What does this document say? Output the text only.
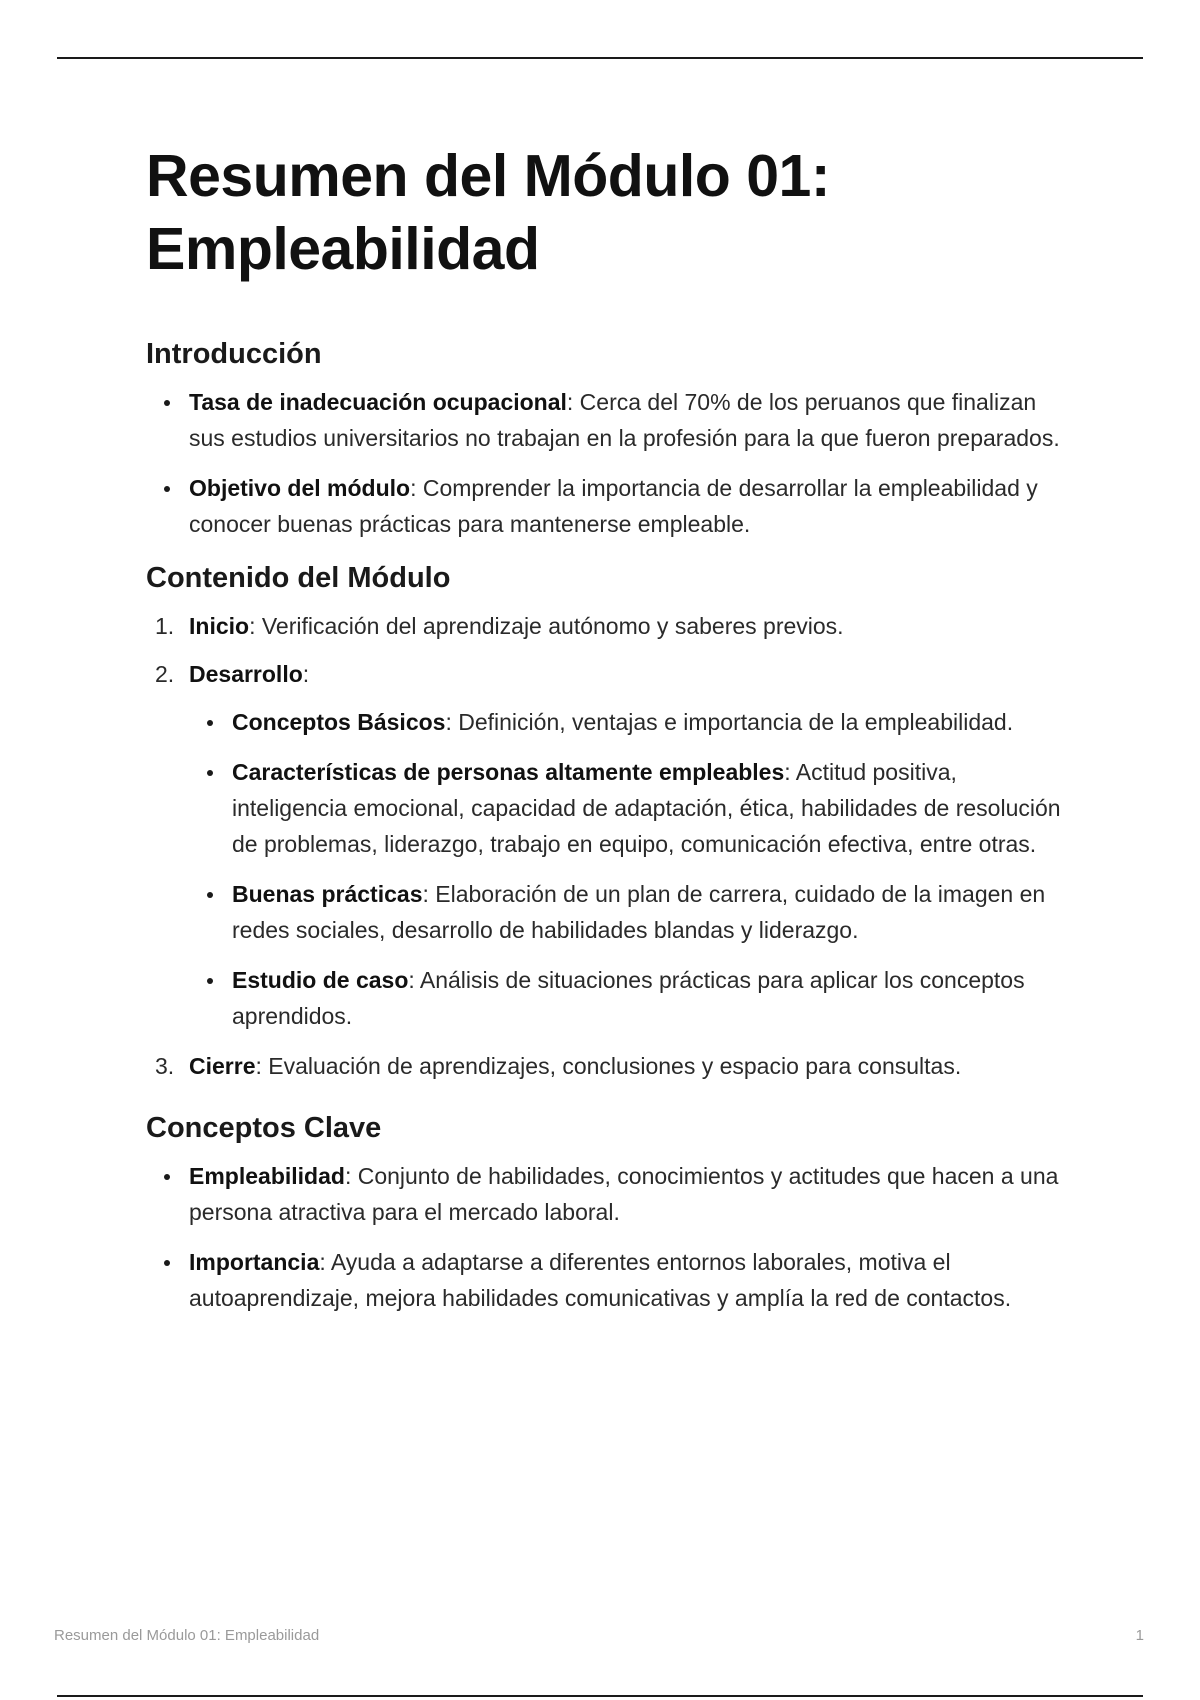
Resumen del Módulo 01:
Empleabilidad
Introducción
Tasa de inadecuación ocupacional: Cerca del 70% de los peruanos que finalizan sus estudios universitarios no trabajan en la profesión para la que fueron preparados.
Objetivo del módulo: Comprender la importancia de desarrollar la empleabilidad y conocer buenas prácticas para mantenerse empleable.
Contenido del Módulo
1. Inicio: Verificación del aprendizaje autónomo y saberes previos.
2. Desarrollo:
Conceptos Básicos: Definición, ventajas e importancia de la empleabilidad.
Características de personas altamente empleables: Actitud positiva, inteligencia emocional, capacidad de adaptación, ética, habilidades de resolución de problemas, liderazgo, trabajo en equipo, comunicación efectiva, entre otras.
Buenas prácticas: Elaboración de un plan de carrera, cuidado de la imagen en redes sociales, desarrollo de habilidades blandas y liderazgo.
Estudio de caso: Análisis de situaciones prácticas para aplicar los conceptos aprendidos.
3. Cierre: Evaluación de aprendizajes, conclusiones y espacio para consultas.
Conceptos Clave
Empleabilidad: Conjunto de habilidades, conocimientos y actitudes que hacen a una persona atractiva para el mercado laboral.
Importancia: Ayuda a adaptarse a diferentes entornos laborales, motiva el autoaprendizaje, mejora habilidades comunicativas y amplía la red de contactos.
Resumen del Módulo 01: Empleabilidad	1
